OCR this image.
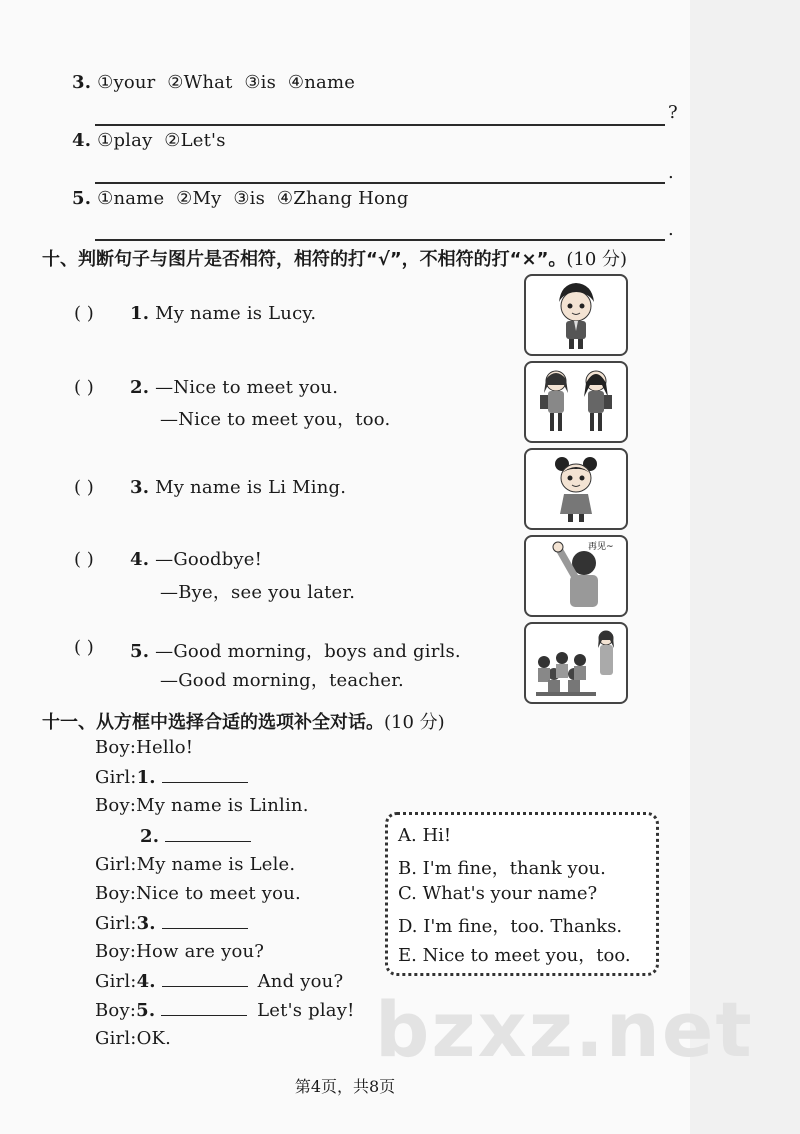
3. ①your  ②What  ③is  ④name
?
4. ①play  ②Let's
.
5. ①name  ②My  ③is  ④Zhang Hong
.
十、判断句子与图片是否相符，相符的打“√”，不相符的打“×”。(10 分)
( ) 1. My name is Lucy.
( ) 2. —Nice to meet you.
—Nice to meet you，too.
( ) 3. My name is Li Ming.
( ) 4. —Goodbye!
—Bye，see you later.
再见~
( ) 5. —Good morning，boys and girls.
—Good morning，teacher.
十一、从方框中选择合适的选项补全对话。(10 分)
Boy:Hello!
Girl:1.
Boy:My name is Linlin.
2.
Girl:My name is Lele.
Boy:Nice to meet you.
Girl:3.
Boy:How are you?
Girl:4.	And you?
Boy:5.	Let's play!
Girl:OK.
A. Hi!
B. I'm fine，thank you.
C. What's your name?
D. I'm fine，too. Thanks.
E. Nice to meet you，too.
bzxz.net
第4页，共8页
